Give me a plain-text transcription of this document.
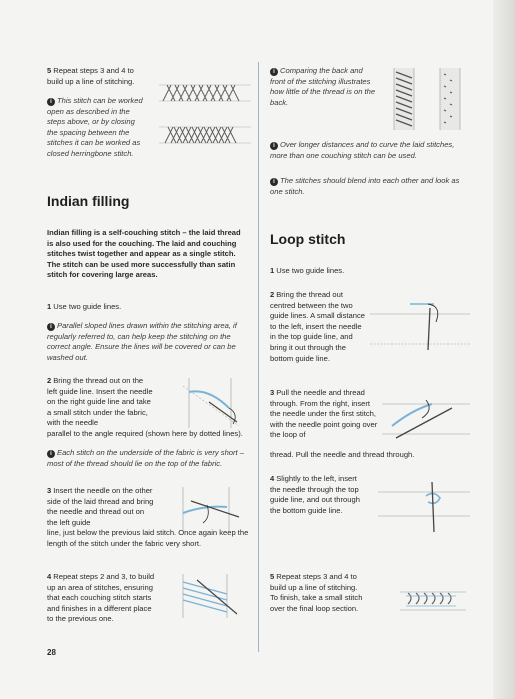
5 Repeat steps 3 and 4 to build up a line of stitching.
i This stitch can be worked open as described in the steps above, or by closing the spacing between the stitches it can be worked as closed herringbone stitch.
Indian filling
Indian filling is a self-couching stitch – the laid thread is also used for the couching. The laid and couching stitches twist together and appear as a single stitch. The stitch can be used more successfully than satin stitch for covering large areas.
1 Use two guide lines.
i Parallel sloped lines drawn within the stitching area, if regularly referred to, can help keep the stitching on the correct angle. Ensure the lines will be covered or can be washed out.
2 Bring the thread out on the left guide line. Insert the needle on the right guide line and take a small stitch under the fabric, with the needle
parallel to the angle required (shown here by dotted lines).
i Each stitch on the underside of the fabric is very short – most of the thread should lie on the top of the fabric.
3 Insert the needle on the other side of the laid thread and bring the needle and thread out on the left guide
line, just below the previous laid stitch. Once again keep the length of the stitch under the fabric very short.
4 Repeat steps 2 and 3, to build up an area of stitches, ensuring that each couching stitch starts and finishes in a different place to the previous one.
i Comparing the back and front of the stitching illustrates how little of the thread is on the back.
i Over longer distances and to curve the laid stitches, more than one couching stitch can be used.
i The stitches should blend into each other and look as one stitch.
Loop stitch
1 Use two guide lines.
2 Bring the thread out centred between the two guide lines. A small distance to the left, insert the needle in the top guide line, and bring it out through the bottom guide line.
3 Pull the needle and thread through. From the right, insert the needle under the first stitch, with the needle point going over the loop of
thread. Pull the needle and thread through.
4 Slightly to the left, insert the needle through the top guide line, and out through the bottom guide line.
5 Repeat steps 3 and 4 to build up a line of stitching. To finish, take a small stitch over the final loop section.
28
